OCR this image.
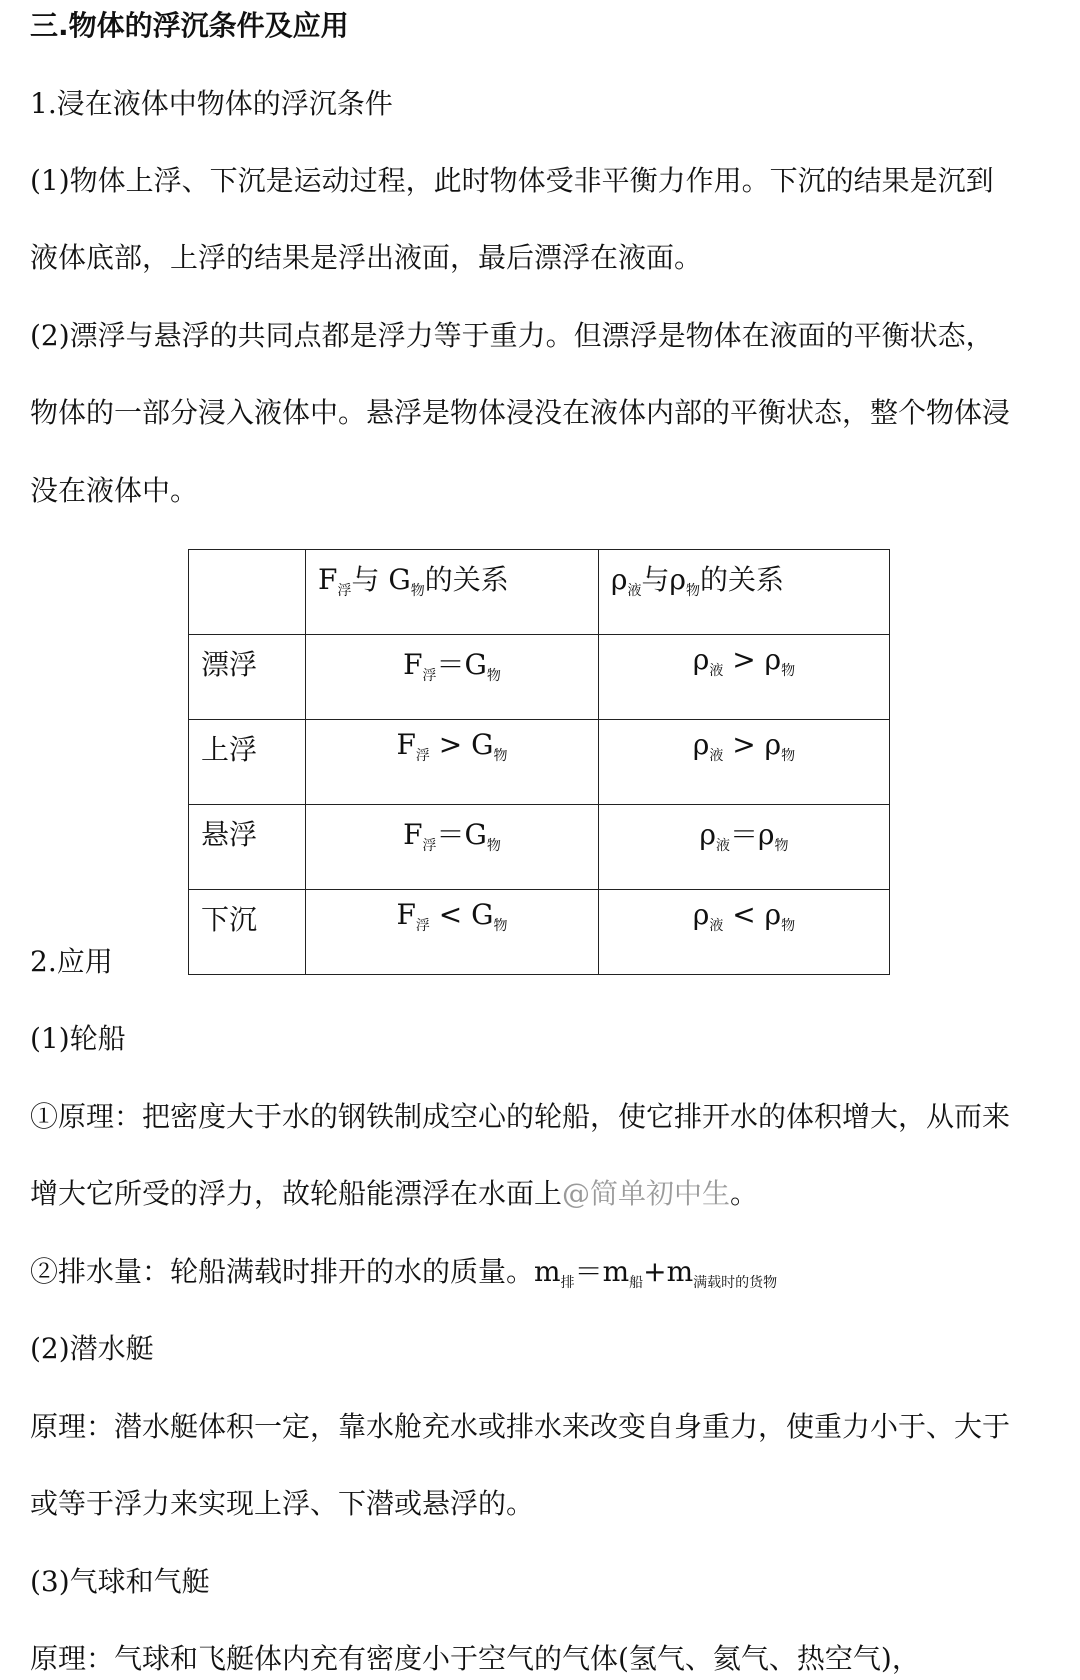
三.物体的浮沉条件及应用
1.浸在液体中物体的浮沉条件
(1)物体上浮、下沉是运动过程，此时物体受非平衡力作用。下沉的结果是沉到
液体底部，上浮的结果是浮出液面，最后漂浮在液面。
(2)漂浮与悬浮的共同点都是浮力等于重力。但漂浮是物体在液面的平衡状态，
物体的一部分浸入液体中。悬浮是物体浸没在液体内部的平衡状态，整个物体浸
没在液体中。
	$F_浮$与 $G_物$的关系	$\rho_液$与$\rho_物$的关系
漂浮	$F_浮=G_物$	$\rho_液 > \rho_物$
上浮	$F_浮 > G_物$	$\rho_液 > \rho_物$
悬浮	$F_浮=G_物$	$\rho_液=\rho_物$
下沉	$F_浮 < G_物$	$\rho_液 < \rho_物$
2.应用
(1)轮船
①原理：把密度大于水的钢铁制成空心的轮船，使它排开水的体积增大，从而来
增大它所受的浮力，故轮船能漂浮在水面上@简单初中生。
②排水量：轮船满载时排开的水的质量。$m_排=m_船+m_{满载时的货物}$
(2)潜水艇
原理：潜水艇体积一定，靠水舱充水或排水来改变自身重力，使重力小于、大于
或等于浮力来实现上浮、下潜或悬浮的。
(3)气球和气艇
原理：气球和飞艇体内充有密度小于空气的气体(氢气、氦气、热空气)，
